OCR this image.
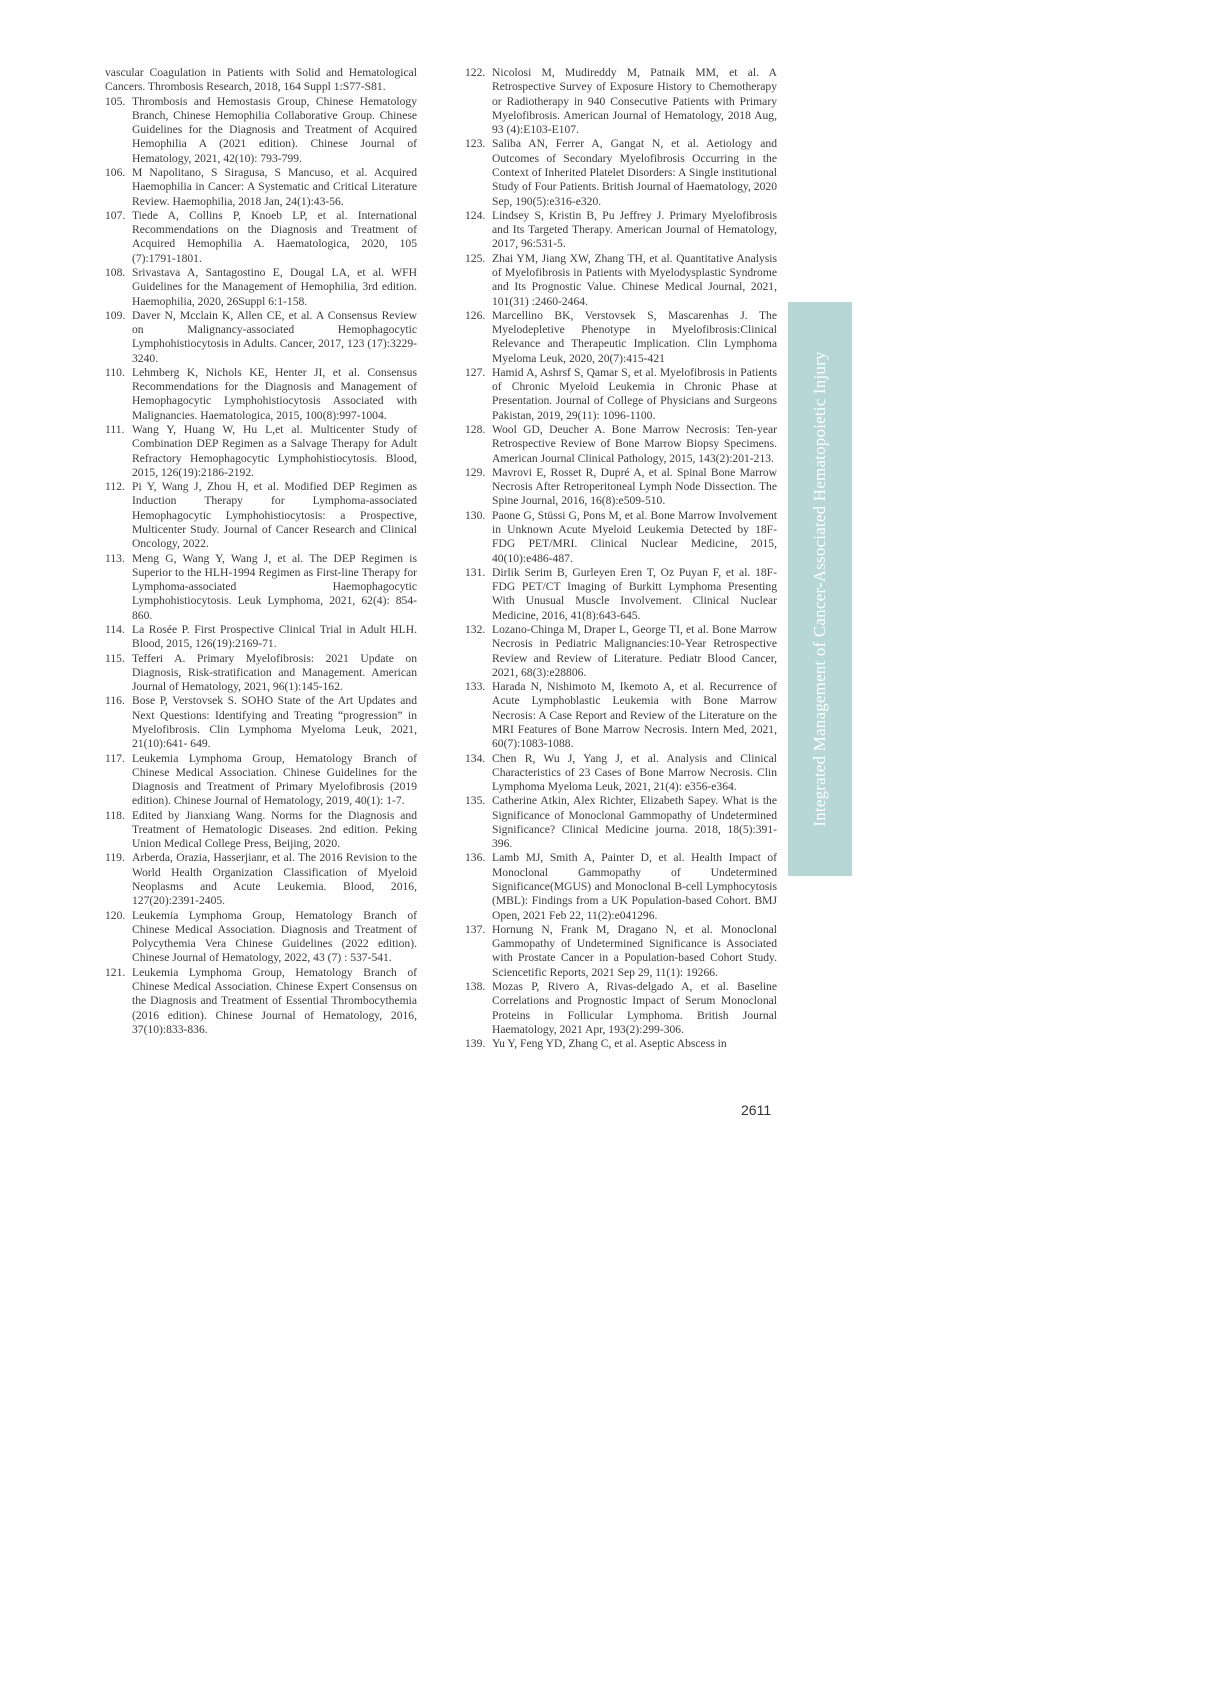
vascular Coagulation in Patients with Solid and Hematological Cancers. Thrombosis Research, 2018, 164 Suppl 1:S77-S81.

105. Thrombosis and Hemostasis Group, Chinese Hematology Branch, Chinese Hemophilia Collaborative Group. Chinese Guidelines for the Diagnosis and Treatment of Acquired Hemophilia A (2021 edition). Chinese Journal of Hematology, 2021, 42(10): 793-799.

106. M Napolitano, S Siragusa, S Mancuso, et al. Acquired Haemophilia in Cancer: A Systematic and Critical Literature Review. Haemophilia, 2018 Jan, 24(1):43-56.

107. Tiede A, Collins P, Knoeb LP, et al. International Recommendations on the Diagnosis and Treatment of Acquired Hemophilia A. Haematologica, 2020, 105 (7):1791-1801.

108. Srivastava A, Santagostino E, Dougal LA, et al. WFH Guidelines for the Management of Hemophilia, 3rd edition. Haemophilia, 2020, 26Suppl 6:1-158.

109. Daver N, Mcclain K, Allen CE, et al. A Consensus Review on Malignancy-associated Hemophagocytic Lymphohistiocytosis in Adults. Cancer, 2017, 123 (17):3229-3240.

110. Lehmberg K, Nichols KE, Henter JI, et al. Consensus Recommendations for the Diagnosis and Management of Hemophagocytic Lymphohistiocytosis Associated with Malignancies. Haematologica, 2015, 100(8):997-1004.

111. Wang Y, Huang W, Hu L,et al. Multicenter Study of Combination DEP Regimen as a Salvage Therapy for Adult Refractory Hemophagocytic Lymphohistiocytosis. Blood, 2015, 126(19):2186-2192.

112. Pi Y, Wang J, Zhou H, et al. Modified DEP Regimen as Induction Therapy for Lymphoma-associated Hemophagocytic Lymphohistiocytosis: a Prospective, Multicenter Study. Journal of Cancer Research and Clinical Oncology, 2022.

113. Meng G, Wang Y, Wang J, et al. The DEP Regimen is Superior to the HLH-1994 Regimen as First-line Therapy for Lymphoma-associated Haemophagocytic Lymphohistiocytosis. Leuk Lymphoma, 2021, 62(4): 854-860.

114. La Rosée P. First Prospective Clinical Trial in Adult HLH. Blood, 2015, 126(19):2169-71.

115. Tefferi A. Primary Myelofibrosis: 2021 Update on Diagnosis, Risk-stratification and Management. American Journal of Hematology, 2021, 96(1):145-162.

116. Bose P, Verstovsek S. SOHO State of the Art Updates and Next Questions: Identifying and Treating “progression” in Myelofibrosis. Clin Lymphoma Myeloma Leuk, 2021, 21(10):641- 649.

117. Leukemia Lymphoma Group, Hematology Branch of Chinese Medical Association. Chinese Guidelines for the Diagnosis and Treatment of Primary Myelofibrosis (2019 edition). Chinese Journal of Hematology, 2019, 40(1): 1-7.

118. Edited by Jianxiang Wang. Norms for the Diagnosis and Treatment of Hematologic Diseases. 2nd edition. Peking Union Medical College Press, Beijing, 2020.

119. Arberda, Orazia, Hasserjianr, et al. The 2016 Revision to the World Health Organization Classification of Myeloid Neoplasms and Acute Leukemia. Blood, 2016, 127(20):2391-2405.

120. Leukemia Lymphoma Group, Hematology Branch of Chinese Medical Association. Diagnosis and Treatment of Polycythemia Vera Chinese Guidelines (2022 edition). Chinese Journal of Hematology, 2022, 43 (7) : 537-541.

121. Leukemia Lymphoma Group, Hematology Branch of Chinese Medical Association. Chinese Expert Consensus on the Diagnosis and Treatment of Essential Thrombocythemia (2016 edition). Chinese Journal of Hematology, 2016, 37(10):833-836.

122. Nicolosi M, Mudireddy M, Patnaik MM, et al. A Retrospective Survey of Exposure History to Chemotherapy or Radiotherapy in 940 Consecutive Patients with Primary Myelofibrosis. American Journal of Hematology, 2018 Aug, 93 (4):E103-E107.

123. Saliba AN, Ferrer A, Gangat N, et al. Aetiology and Outcomes of Secondary Myelofibrosis Occurring in the Context of Inherited Platelet Disorders: A Single institutional Study of Four Patients. British Journal of Haematology, 2020 Sep, 190(5):e316-e320.

124. Lindsey S, Kristin B, Pu Jeffrey J. Primary Myelofibrosis and Its Targeted Therapy. American Journal of Hematology, 2017, 96:531-5.

125. Zhai YM, Jiang XW, Zhang TH, et al. Quantitative Analysis of Myelofibrosis in Patients with Myelodysplastic Syndrome and Its Prognostic Value. Chinese Medical Journal, 2021, 101(31) :2460-2464.

126. Marcellino BK, Verstovsek S, Mascarenhas J. The Myelodepletive Phenotype in Myelofibrosis:Clinical Relevance and Therapeutic Implication. Clin Lymphoma Myeloma Leuk, 2020, 20(7):415-421

127. Hamid A, Ashrsf S, Qamar S, et al. Myelofibrosis in Patients of Chronic Myeloid Leukemia in Chronic Phase at Presentation. Journal of College of Physicians and Surgeons Pakistan, 2019, 29(11): 1096-1100.

128. Wool GD, Deucher A. Bone Marrow Necrosis: Ten-year Retrospective Review of Bone Marrow Biopsy Specimens. American Journal Clinical Pathology, 2015, 143(2):201-213.

129. Mavrovi E, Rosset R, Dupré A, et al. Spinal Bone Marrow Necrosis After Retroperitoneal Lymph Node Dissection. The Spine Journal, 2016, 16(8):e509-510.

130. Paone G, Stüssi G, Pons M, et al. Bone Marrow Involvement in Unknown Acute Myeloid Leukemia Detected by 18F-FDG PET/MRI. Clinical Nuclear Medicine, 2015, 40(10):e486-487.

131. Dirlik Serim B, Gurleyen Eren T, Oz Puyan F, et al. 18F-FDG PET/CT Imaging of Burkitt Lymphoma Presenting With Unusual Muscle Involvement. Clinical Nuclear Medicine, 2016, 41(8):643-645.

132. Lozano-Chinga M, Draper L, George TI, et al. Bone Marrow Necrosis in Pediatric Malignancies:10-Year Retrospective Review and Review of Literature. Pediatr Blood Cancer, 2021, 68(3):e28806.

133. Harada N, Nishimoto M, Ikemoto A, et al. Recurrence of Acute Lymphoblastic Leukemia with Bone Marrow Necrosis: A Case Report and Review of the Literature on the MRI Features of Bone Marrow Necrosis. Intern Med, 2021, 60(7):1083-1088.

134. Chen R, Wu J, Yang J, et al. Analysis and Clinical Characteristics of 23 Cases of Bone Marrow Necrosis. Clin Lymphoma Myeloma Leuk, 2021, 21(4): e356-e364.

135. Catherine Atkin, Alex Richter, Elizabeth Sapey. What is the Significance of Monoclonal Gammopathy of Undetermined Significance? Clinical Medicine journa. 2018, 18(5):391-396.

136. Lamb MJ, Smith A, Painter D, et al. Health Impact of Monoclonal Gammopathy of Undetermined Significance(MGUS) and Monoclonal B-cell Lymphocytosis (MBL): Findings from a UK Population-based Cohort. BMJ Open, 2021 Feb 22, 11(2):e041296.

137. Hornung N, Frank M, Dragano N, et al. Monoclonal Gammopathy of Undetermined Significance is Associated with Prostate Cancer in a Population-based Cohort Study. Sciencetific Reports, 2021 Sep 29, 11(1): 19266.

138. Mozas P, Rivero A, Rivas-delgado A, et al. Baseline Correlations and Prognostic Impact of Serum Monoclonal Proteins in Follicular Lymphoma. British Journal Haematology, 2021 Apr, 193(2):299-306.

139. Yu Y, Feng YD, Zhang C, et al. Aseptic Abscess in

Integrated Management of Cancer-Associated Hematopoietic Injury
2611
